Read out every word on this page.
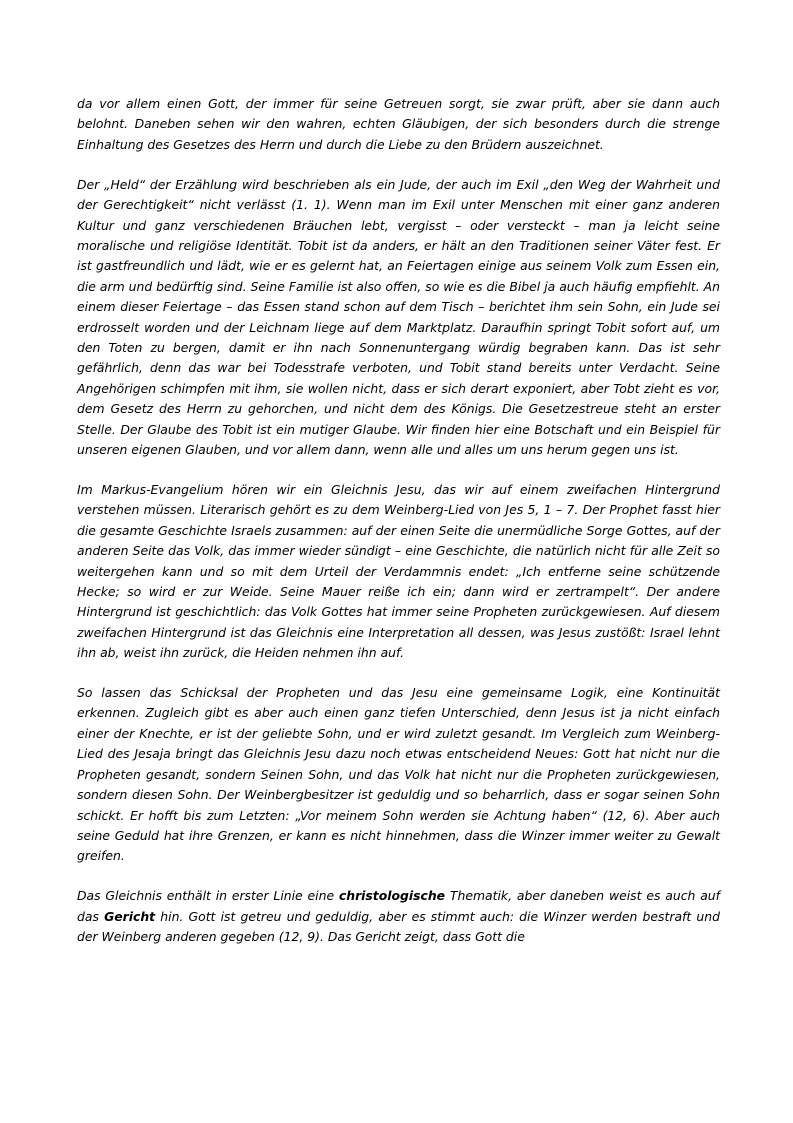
da vor allem einen Gott, der immer für seine Getreuen sorgt, sie zwar prüft, aber sie dann auch belohnt. Daneben sehen wir den wahren, echten Gläubigen, der sich besonders durch die strenge Einhaltung des Gesetzes des Herrn und durch die Liebe zu den Brüdern auszeichnet.

Der „Held“ der Erzählung wird beschrieben als ein Jude, der auch im Exil „den Weg der Wahrheit und der Gerechtigkeit“ nicht verlässt (1. 1). Wenn man im Exil unter Menschen mit einer ganz anderen Kultur und ganz verschiedenen Bräuchen lebt, vergisst – oder versteckt – man ja leicht seine moralische und religiöse Identität. Tobit ist da anders, er hält an den Traditionen seiner Väter fest. Er ist gastfreundlich und lädt, wie er es gelernt hat, an Feiertagen einige aus seinem Volk zum Essen ein, die arm und bedürftig sind. Seine Familie ist also offen, so wie es die Bibel ja auch häufig empfiehlt. An einem dieser Feiertage – das Essen stand schon auf dem Tisch – berichtet ihm sein Sohn, ein Jude sei erdrosselt worden und der Leichnam liege auf dem Marktplatz. Daraufhin springt Tobit sofort auf, um den Toten zu bergen, damit er ihn nach Sonnenuntergang würdig begraben kann. Das ist sehr gefährlich, denn das war bei Todesstrafe verboten, und Tobit stand bereits unter Verdacht. Seine Angehörigen schimpfen mit ihm, sie wollen nicht, dass er sich derart exponiert, aber Tobt zieht es vor, dem Gesetz des Herrn zu gehorchen, und nicht dem des Königs. Die Gesetzestreue steht an erster Stelle. Der Glaube des Tobit ist ein mutiger Glaube. Wir finden hier eine Botschaft und ein Beispiel für unseren eigenen Glauben, und vor allem dann, wenn alle und alles um uns herum gegen uns ist.

Im Markus-Evangelium hören wir ein Gleichnis Jesu, das wir auf einem zweifachen Hintergrund verstehen müssen. Literarisch gehört es zu dem Weinberg-Lied von Jes 5, 1 – 7. Der Prophet fasst hier die gesamte Geschichte Israels zusammen: auf der einen Seite die unermüdliche Sorge Gottes, auf der anderen Seite das Volk, das immer wieder sündigt – eine Geschichte, die natürlich nicht für alle Zeit so weitergehen kann und so mit dem Urteil der Verdammnis endet: „Ich entferne seine schützende Hecke; so wird er zur Weide. Seine Mauer reiße ich ein; dann wird er zertrampelt“. Der andere Hintergrund ist geschichtlich: das Volk Gottes hat immer seine Propheten zurückgewiesen. Auf diesem zweifachen Hintergrund ist das Gleichnis eine Interpretation all dessen, was Jesus zustößt: Israel lehnt ihn ab, weist ihn zurück, die Heiden nehmen ihn auf.

So lassen das Schicksal der Propheten und das Jesu eine gemeinsame Logik, eine Kontinuität erkennen. Zugleich gibt es aber auch einen ganz tiefen Unterschied, denn Jesus ist ja nicht einfach einer der Knechte, er ist der geliebte Sohn, und er wird zuletzt gesandt. Im Vergleich zum Weinberg-Lied des Jesaja bringt das Gleichnis Jesu dazu noch etwas entscheidend Neues: Gott hat nicht nur die Propheten gesandt, sondern Seinen Sohn, und das Volk hat nicht nur die Propheten zurückgewiesen, sondern diesen Sohn. Der Weinbergbesitzer ist geduldig und so beharrlich, dass er sogar seinen Sohn schickt. Er hofft bis zum Letzten: „Vor meinem Sohn werden sie Achtung haben“ (12, 6). Aber auch seine Geduld hat ihre Grenzen, er kann es nicht hinnehmen, dass die Winzer immer weiter zu Gewalt greifen.

Das Gleichnis enthält in erster Linie eine christologische Thematik, aber daneben weist es auch auf das Gericht hin. Gott ist getreu und geduldig, aber es stimmt auch: die Winzer werden bestraft und der Weinberg anderen gegeben (12, 9). Das Gericht zeigt, dass Gott die
